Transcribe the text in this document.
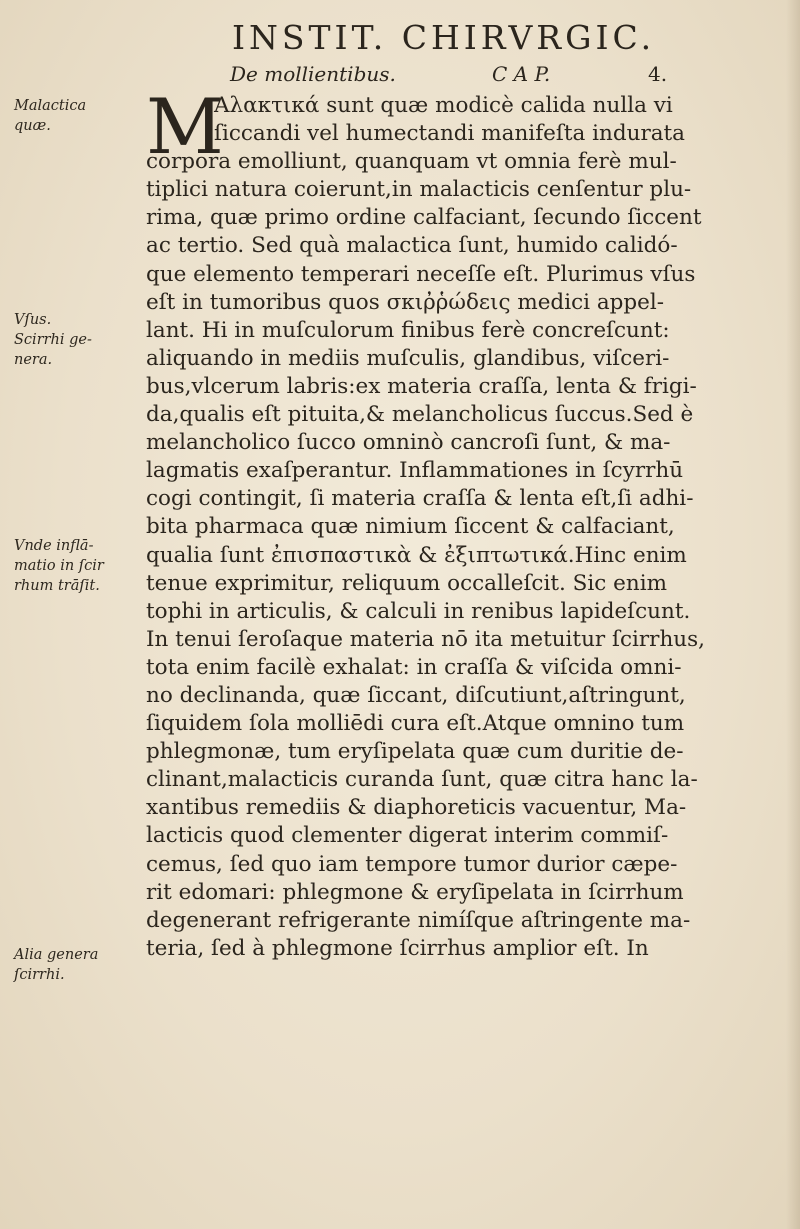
INSTIT. CHIRVRGIC.
De mollientibus.	C A P.	4.
M
Αλακτικά sunt quæ modicè calida nulla vi
ſiccandi vel humectandi manifeſta indurata
corpora emolliunt, quanquam vt omnia ferè mul-
tiplici natura coierunt,in malacticis cenſentur plu-
rima, quæ primo ordine calfaciant, ſecundo ſiccent
ac tertio. Sed quà malactica ſunt, humido calidó-
que elemento temperari neceſſe eſt. Plurimus vſus
eſt in tumoribus quos σκιῤῥώδεις medici appel-
lant. Hi in muſculorum finibus ferè concreſcunt:
aliquando in mediis muſculis, glandibus, viſceri-
bus,vlcerum labris:ex materia craſſa, lenta & frigi-
da,qualis eſt pituita,& melancholicus ſuccus.Sed è
melancholico ſucco omninò cancroſi ſunt, & ma-
lagmatis exaſperantur. Inflammationes in ſcyrrhū
cogi contingit, ſi materia craſſa & lenta eſt,ſi adhi-
bita pharmaca quæ nimium ſiccent & calfaciant,
qualia ſunt ἐπισπαστικὰ & ἐξιπτωτικά.Hinc enim
tenue exprimitur, reliquum occalleſcit. Sic enim
tophi in articulis, & calculi in renibus lapideſcunt.
In tenui ſeroſaque materia nō ita metuitur ſcirrhus,
tota enim facilè exhalat: in craſſa & viſcida omni-
no declinanda, quæ ſiccant, diſcutiunt,aſtringunt,
ſiquidem ſola molliēdi cura eſt.Atque omnino tum
phlegmonæ, tum eryſipelata quæ cum duritie de-
clinant,malacticis curanda ſunt, quæ citra hanc la-
xantibus remediis & diaphoreticis vacuentur, Ma-
lacticis quod clementer digerat interim commiſ-
cemus, ſed quo iam tempore tumor durior cæpe-
rit edomari: phlegmone & eryſipelata in ſcirrhum
degenerant refrigerante nimíſque aſtringente ma-
teria, ſed à phlegmone ſcirrhus amplior eſt. In
Malactica
quæ.
Vſus.
Scirrhi ge-
nera.
Vnde inflā-
matio in ſcir
rhum trāſit.
Alia genera
ſcirrhi.
